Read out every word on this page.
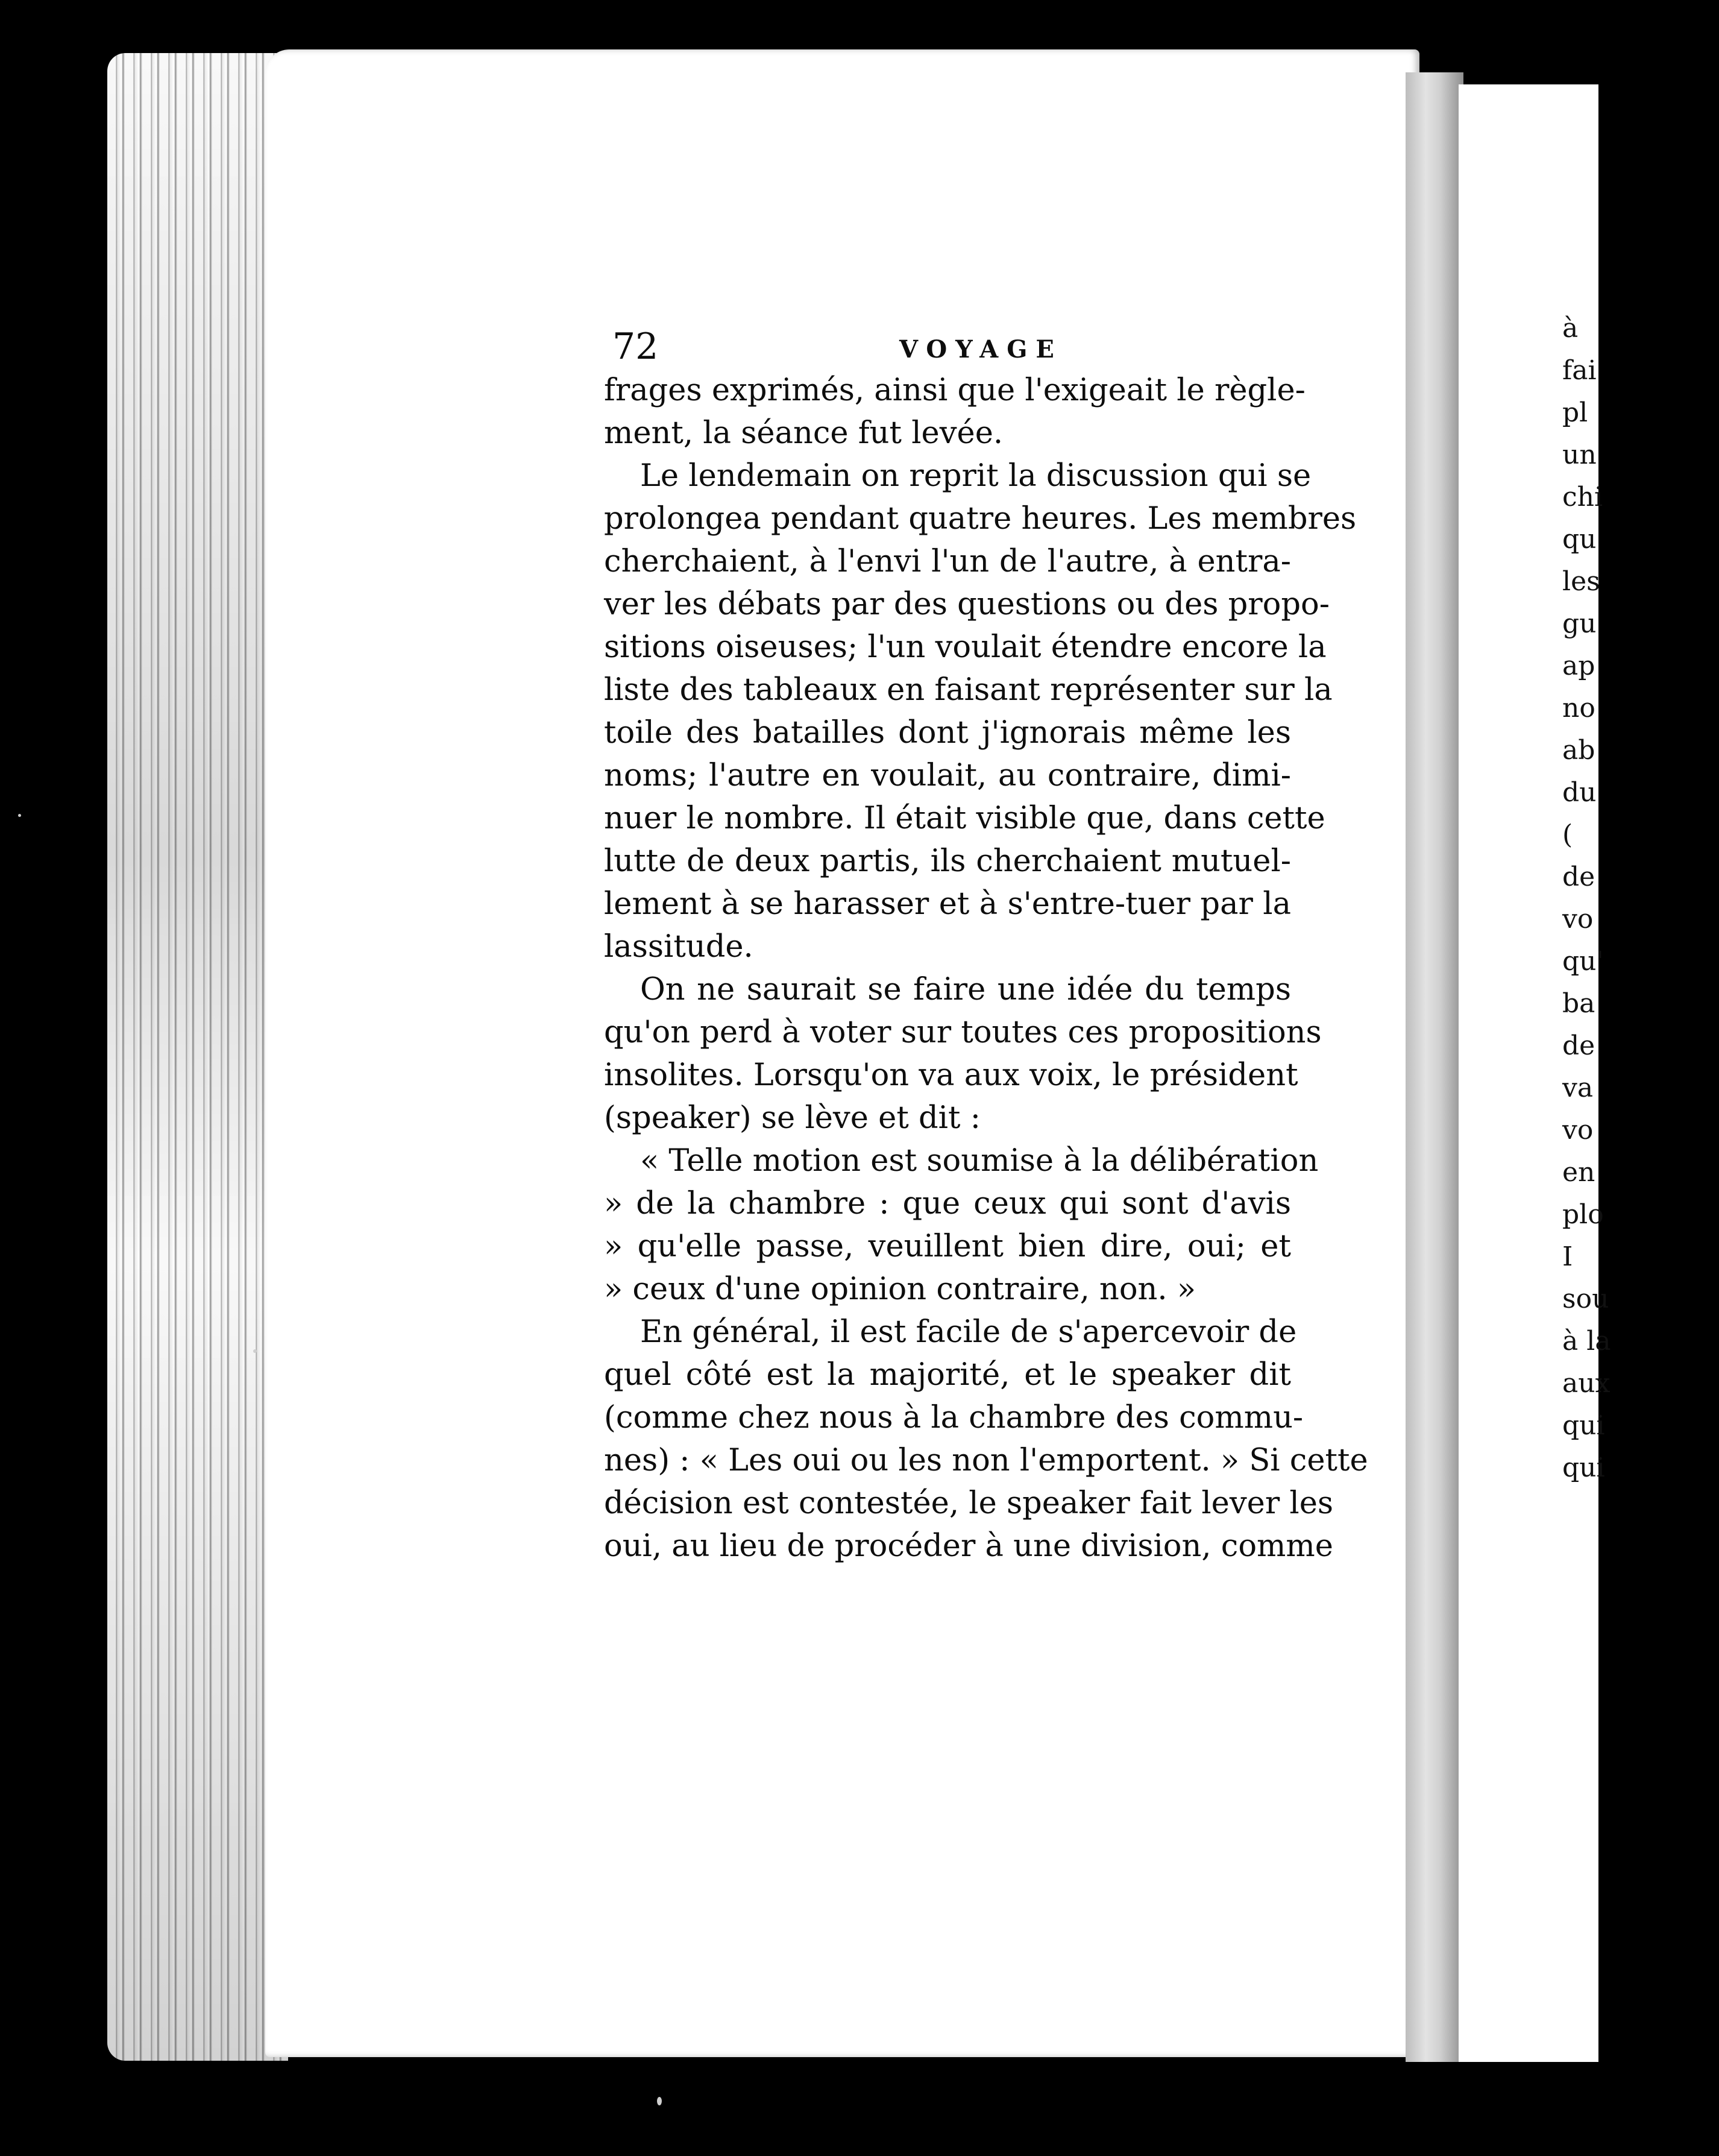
à
fai
pl
un
chi
qu
les
gu
ap
no
ab
du
(
de
vo
qu'
ba
de
va
vo
en
plo
I
sou
à la
aux
qui
qui
72	VOYAGE
frages exprimés, ainsi que l'exigeait le règle-
ment, la séance fut levée.
Le lendemain on reprit la discussion qui se
prolongea pendant quatre heures. Les membres
cherchaient, à l'envi l'un de l'autre, à entra-
ver les débats par des questions ou des propo-
sitions oiseuses; l'un voulait étendre encore la
liste des tableaux en faisant représenter sur la
toile des batailles dont j'ignorais même les
noms; l'autre en voulait, au contraire, dimi-
nuer le nombre. Il était visible que, dans cette
lutte de deux partis, ils cherchaient mutuel-
lement à se harasser et à s'entre-tuer par la
lassitude.
On ne saurait se faire une idée du temps
qu'on perd à voter sur toutes ces propositions
insolites. Lorsqu'on va aux voix, le président
(speaker) se lève et dit :
« Telle motion est soumise à la délibération
» de la chambre : que ceux qui sont d'avis
» qu'elle passe, veuillent bien dire, oui; et
» ceux d'une opinion contraire, non. »
En général, il est facile de s'apercevoir de
quel côté est la majorité, et le speaker dit
(comme chez nous à la chambre des commu-
nes) : « Les oui ou les non l'emportent. » Si cette
décision est contestée, le speaker fait lever les
oui, au lieu de procéder à une division, comme
